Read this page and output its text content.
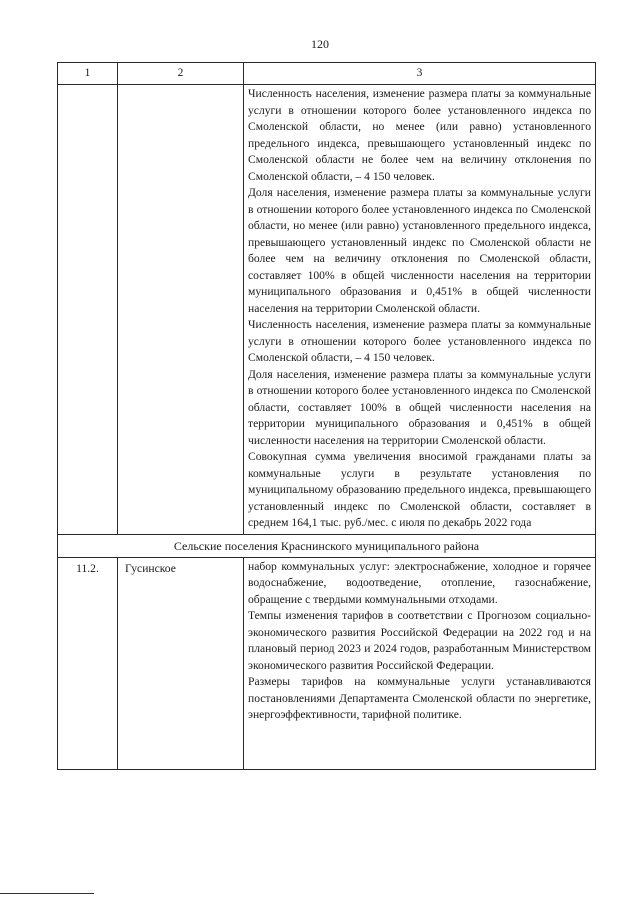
120
1	2	3

		Численность населения, изменение размера платы за коммунальные услуги в отношении которого более установленного индекса по Смоленской области, но менее (или равно) установленного предельного индекса, превышающего установленный индекс по Смоленской области не более чем на величину отклонения по Смоленской области, – 4 150 человек.

Доля населения, изменение размера платы за коммунальные услуги в отношении которого более установленного индекса по Смоленской области, но менее (или равно) установленного предельного индекса, превышающего установленный индекс по Смоленской области не более чем на величину отклонения по Смоленской области, составляет 100% в общей численности населения на территории муниципального образования и 0,451% в общей численности населения на территории Смоленской области.

Численность населения, изменение размера платы за коммунальные услуги в отношении которого более установленного индекса по Смоленской области, – 4 150 человек.

Доля населения, изменение размера платы за коммунальные услуги в отношении которого более установленного индекса по Смоленской области, составляет 100% в общей численности населения на территории муниципального образования и 0,451% в общей численности населения на территории Смоленской области.

Совокупная сумма увеличения вносимой гражданами платы за коммунальные услуги в результате установления по муниципальному образованию предельного индекса, превышающего установленный индекс по Смоленской области, составляет в среднем 164,1 тыс. руб./мес. с июля по декабрь 2022 года

Сельские поселения Краснинского муниципального района		
11.2.	Гусинское	набор коммунальных услуг: электроснабжение, холодное и горячее водоснабжение, водоотведение, отопление, газоснабжение, обращение с твердыми коммунальными отходами.

Темпы изменения тарифов в соответствии с Прогнозом социально-экономического развития Российской Федерации на 2022 год и на плановый период 2023 и 2024 годов, разработанным Министерством экономического развития Российской Федерации.

Размеры тарифов на коммунальные услуги устанавливаются постановлениями Департамента Смоленской области по энергетике, энергоэффективности, тарифной политике.
